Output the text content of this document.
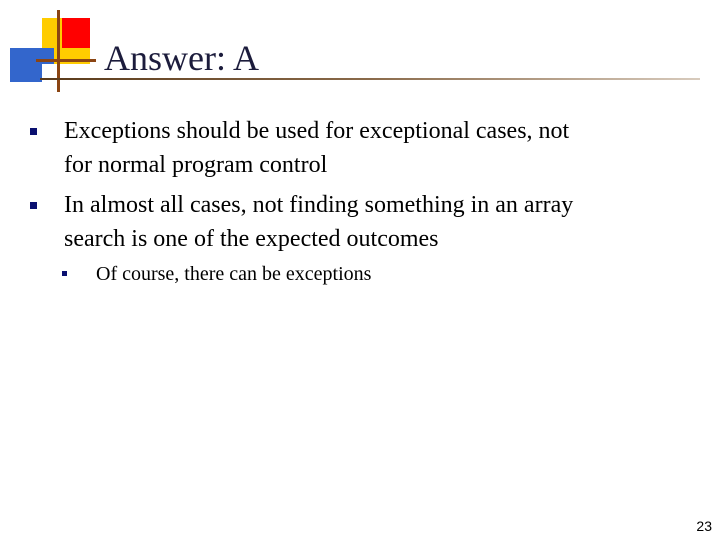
Answer: A
Exceptions should be used for exceptional cases, not
for normal program control
In almost all cases, not finding something in an array
search is one of the expected outcomes
Of course, there can be exceptions
23
